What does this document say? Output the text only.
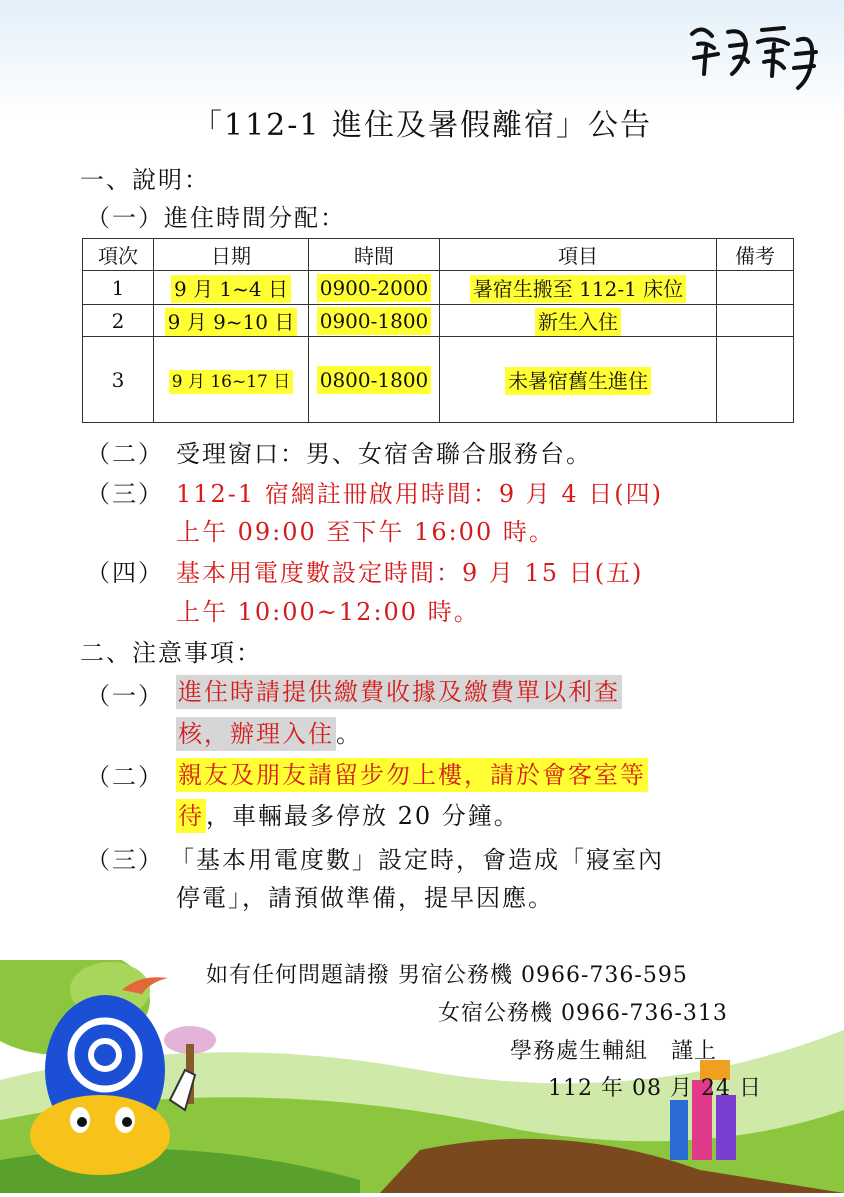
「112-1 進住及暑假離宿」公告
一、說明：
（一）進住時間分配：
項次	日期	時間	項目	備考
1	9 月 1~4 日	0900-2000	暑宿生搬至 112-1 床位	
2	9 月 9~10 日	0900-1800	新生入住	
3	9 月 16~17 日	0800-1800	未暑宿舊生進住	
（二） 受理窗口：男、女宿舍聯合服務台。
（三） 112-1 宿網註冊啟用時間：9 月 4 日(四)
上午 09:00 至下午 16:00 時。
（四） 基本用電度數設定時間：9 月 15 日(五)
上午 10:00~12:00 時。
二、注意事項：
（一） 進住時請提供繳費收據及繳費單以利查
核，辦理入住。
（二） 親友及朋友請留步勿上樓，請於會客室等
待，車輛最多停放 20 分鐘。
（三） 「基本用電度數」設定時，會造成「寢室內
停電」，請預做準備，提早因應。
如有任何問題請撥 男宿公務機 0966-736-595
女宿公務機 0966-736-313
學務處生輔組　謹上
112 年 08 月 24 日
